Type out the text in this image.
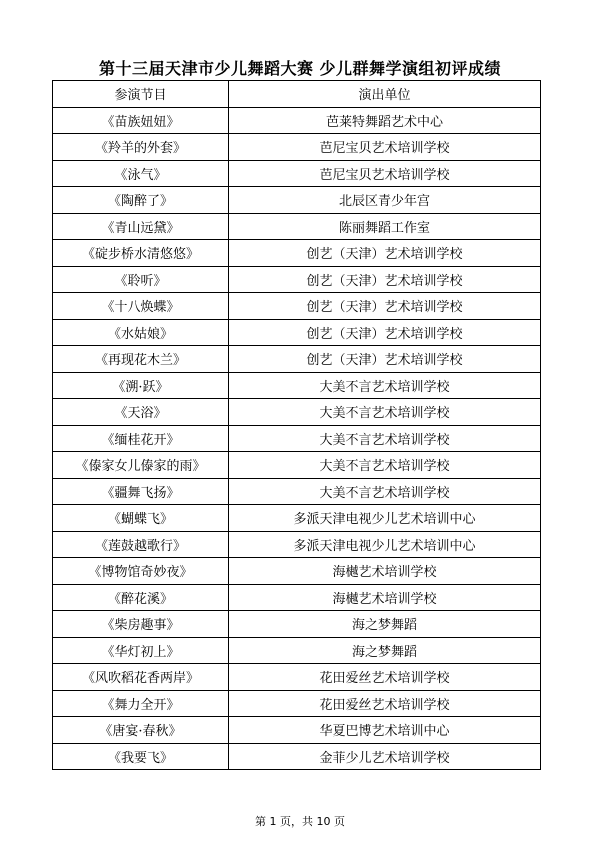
第十三届天津市少儿舞蹈大赛 少儿群舞学演组初评成绩
参演节目	演出单位
《苗族妞妞》	芭莱特舞蹈艺术中心
《羚羊的外套》	芭尼宝贝艺术培训学校
《泳气》	芭尼宝贝艺术培训学校
《陶醉了》	北辰区青少年宫
《青山远黛》	陈丽舞蹈工作室
《碇步桥水清悠悠》	创艺（天津）艺术培训学校
《聆听》	创艺（天津）艺术培训学校
《十八焕蝶》	创艺（天津）艺术培训学校
《水姑娘》	创艺（天津）艺术培训学校
《再现花木兰》	创艺（天津）艺术培训学校
《溯·跃》	大美不言艺术培训学校
《天浴》	大美不言艺术培训学校
《缅桂花开》	大美不言艺术培训学校
《傣家女儿傣家的雨》	大美不言艺术培训学校
《疆舞飞扬》	大美不言艺术培训学校
《蝴蝶飞》	多派天津电视少儿艺术培训中心
《莲鼓越歌行》	多派天津电视少儿艺术培训中心
《博物馆奇妙夜》	海樾艺术培训学校
《醉花溪》	海樾艺术培训学校
《柴房趣事》	海之梦舞蹈
《华灯初上》	海之梦舞蹈
《风吹稻花香两岸》	花田爱丝艺术培训学校
《舞力全开》	花田爱丝艺术培训学校
《唐宴·春秋》	华夏巴博艺术培训中心
《我要飞》	金菲少儿艺术培训学校
第 1 页，共 10 页
